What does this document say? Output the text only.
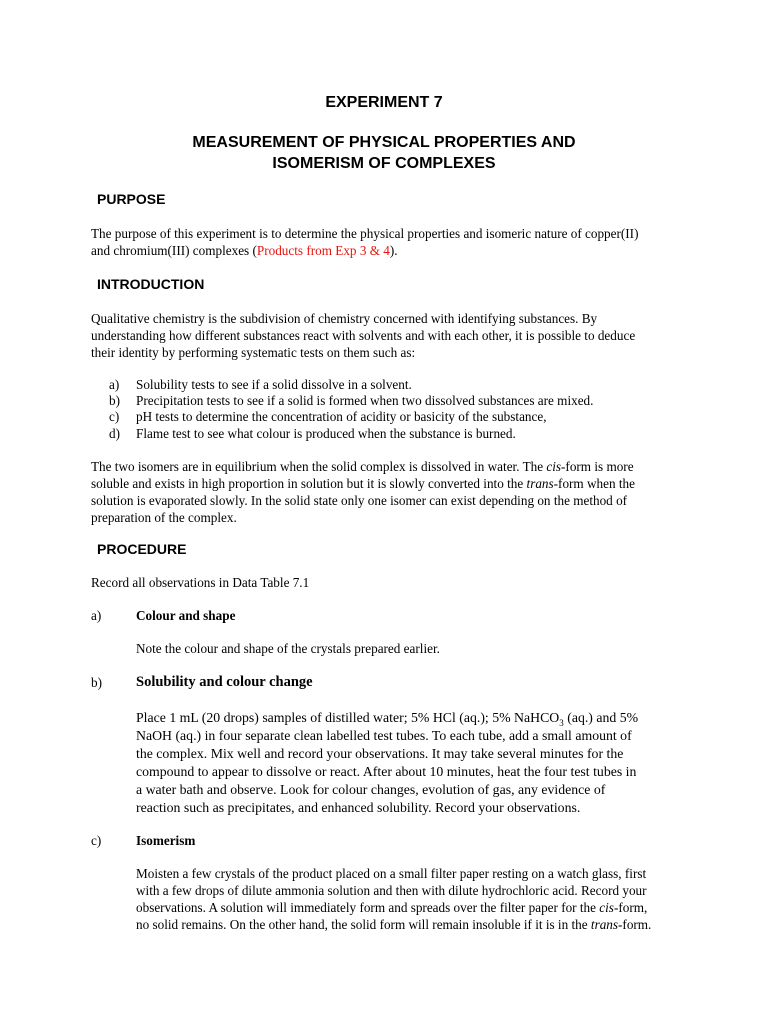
EXPERIMENT 7
MEASUREMENT OF PHYSICAL PROPERTIES AND
ISOMERISM OF COMPLEXES
PURPOSE
The purpose of this experiment is to determine the physical properties and isomeric nature of copper(II)
and chromium(III) complexes (Products from Exp 3 & 4).
INTRODUCTION
Qualitative chemistry is the subdivision of chemistry concerned with identifying substances. By
understanding how different substances react with solvents and with each other, it is possible to deduce
their identity by performing systematic tests on them such as:
a) Solubility tests to see if a solid dissolve in a solvent.
b) Precipitation tests to see if a solid is formed when two dissolved substances are mixed.
c) pH tests to determine the concentration of acidity or basicity of the substance,
d) Flame test to see what colour is produced when the substance is burned.
The two isomers are in equilibrium when the solid complex is dissolved in water. The cis-form is more
soluble and exists in high proportion in solution but it is slowly converted into the trans-form when the
solution is evaporated slowly. In the solid state only one isomer can exist depending on the method of
preparation of the complex.
PROCEDURE
Record all observations in Data Table 7.1
a)	Colour and shape
Note the colour and shape of the crystals prepared earlier.
b) Solubility and colour change
Place 1 mL (20 drops) samples of distilled water; 5% HCl (aq.); 5% NaHCO$_3$ (aq.) and 5%
NaOH (aq.) in four separate clean labelled test tubes. To each tube, add a small amount of
the complex. Mix well and record your observations. It may take several minutes for the
compound to appear to dissolve or react. After about 10 minutes, heat the four test tubes in
a water bath and observe. Look for colour changes, evolution of gas, any evidence of
reaction such as precipitates, and enhanced solubility. Record your observations.
c)	Isomerism
Moisten a few crystals of the product placed on a small filter paper resting on a watch glass, first
with a few drops of dilute ammonia solution and then with dilute hydrochloric acid. Record your
observations. A solution will immediately form and spreads over the filter paper for the cis-form,
no solid remains. On the other hand, the solid form will remain insoluble if it is in the trans-form.
